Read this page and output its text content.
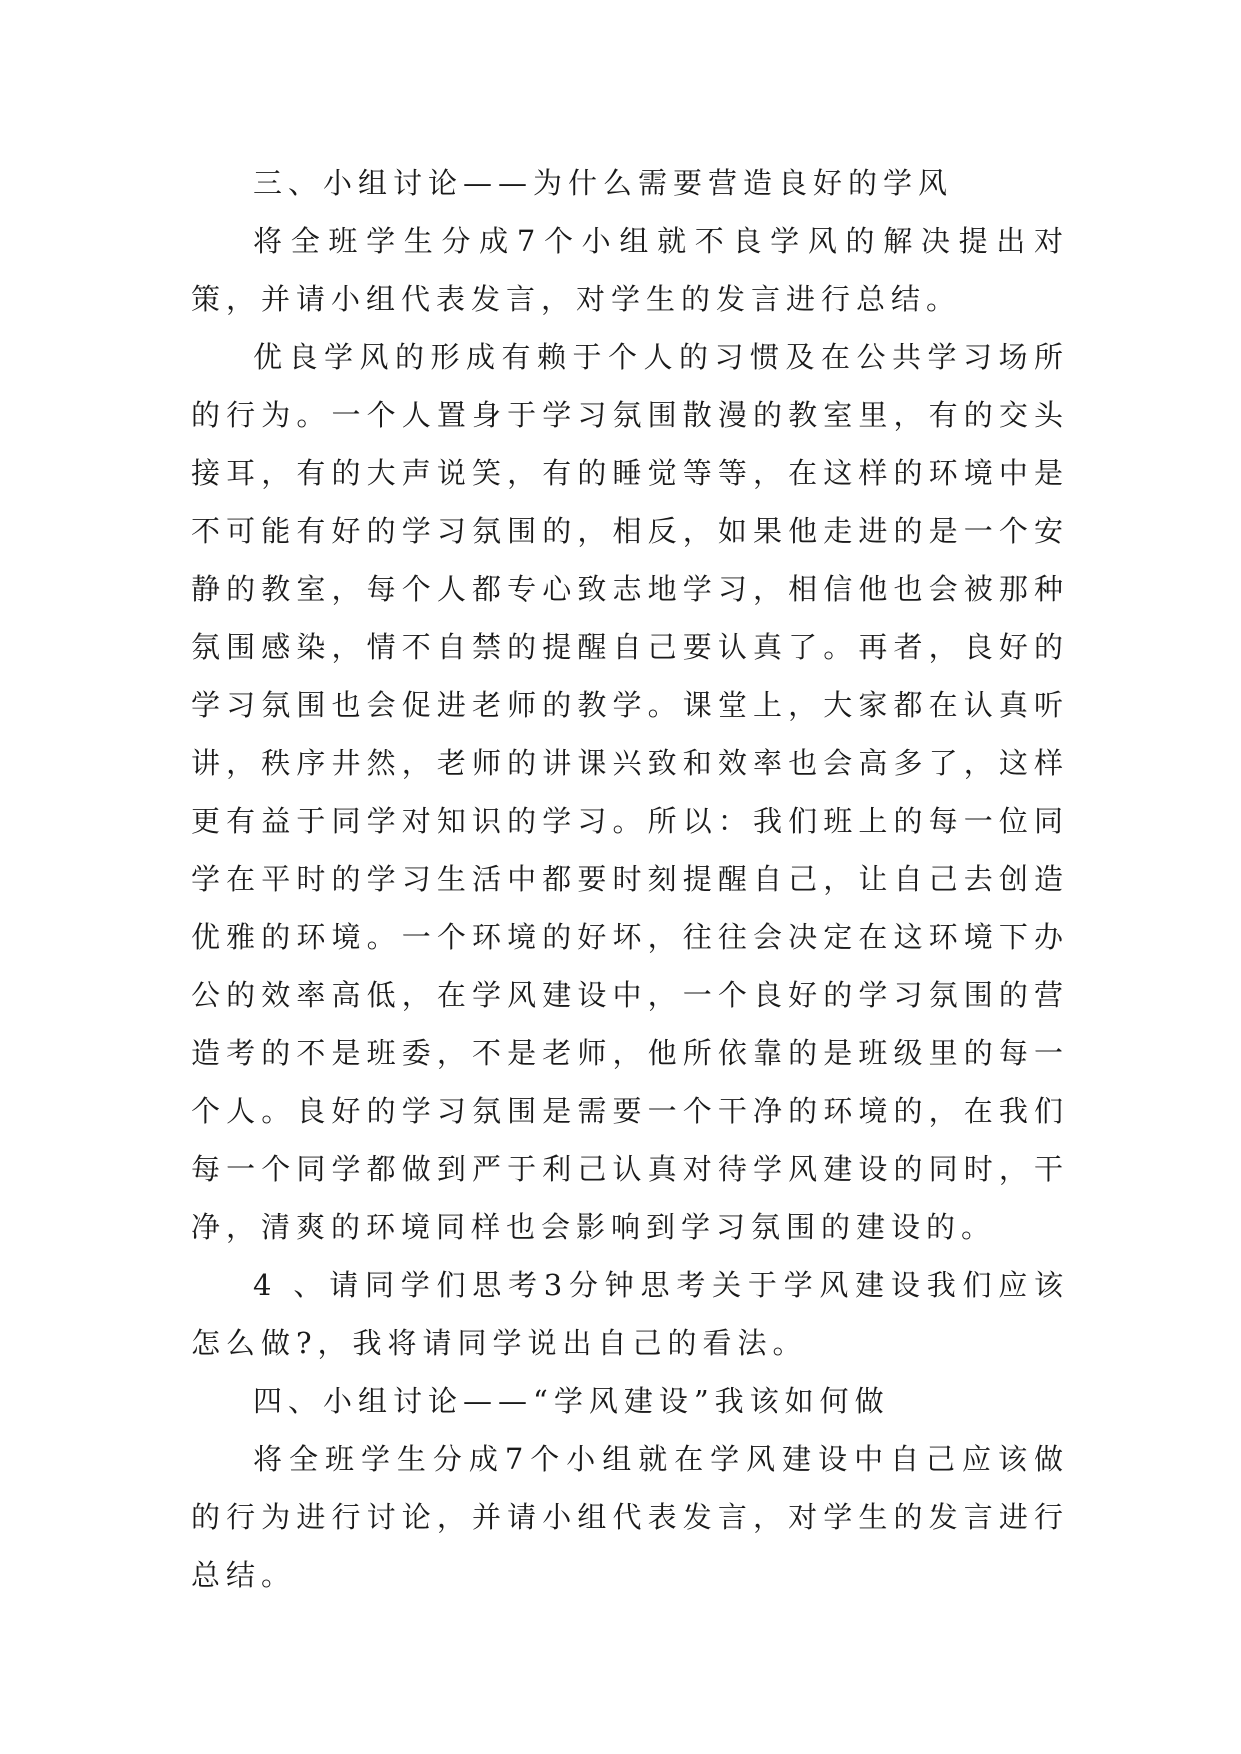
三、小组讨论——为什么需要营造良好的学风

将全班学生分成7个小组就不良学风的解决提出对策，并请小组代表发言，对学生的发言进行总结。

优良学风的形成有赖于个人的习惯及在公共学习场所的行为。一个人置身于学习氛围散漫的教室里，有的交头接耳，有的大声说笑，有的睡觉等等，在这样的环境中是不可能有好的学习氛围的，相反，如果他走进的是一个安静的教室，每个人都专心致志地学习，相信他也会被那种氛围感染，情不自禁的提醒自己要认真了。再者，良好的学习氛围也会促进老师的教学。课堂上，大家都在认真听讲，秩序井然，老师的讲课兴致和效率也会高多了，这样更有益于同学对知识的学习。所以：我们班上的每一位同学在平时的学习生活中都要时刻提醒自己，让自己去创造优雅的环境。一个环境的好坏，往往会决定在这环境下办公的效率高低，在学风建设中，一个良好的学习氛围的营造考的不是班委，不是老师，他所依靠的是班级里的每一个人。良好的学习氛围是需要一个干净的环境的，在我们每一个同学都做到严于利己认真对待学风建设的同时，干净，清爽的环境同样也会影响到学习氛围的建设的。

4 、请同学们思考3分钟思考关于学风建设我们应该怎么做?，我将请同学说出自己的看法。

四、小组讨论——“学风建设”我该如何做

将全班学生分成7个小组就在学风建设中自己应该做的行为进行讨论，并请小组代表发言，对学生的发言进行总结。
